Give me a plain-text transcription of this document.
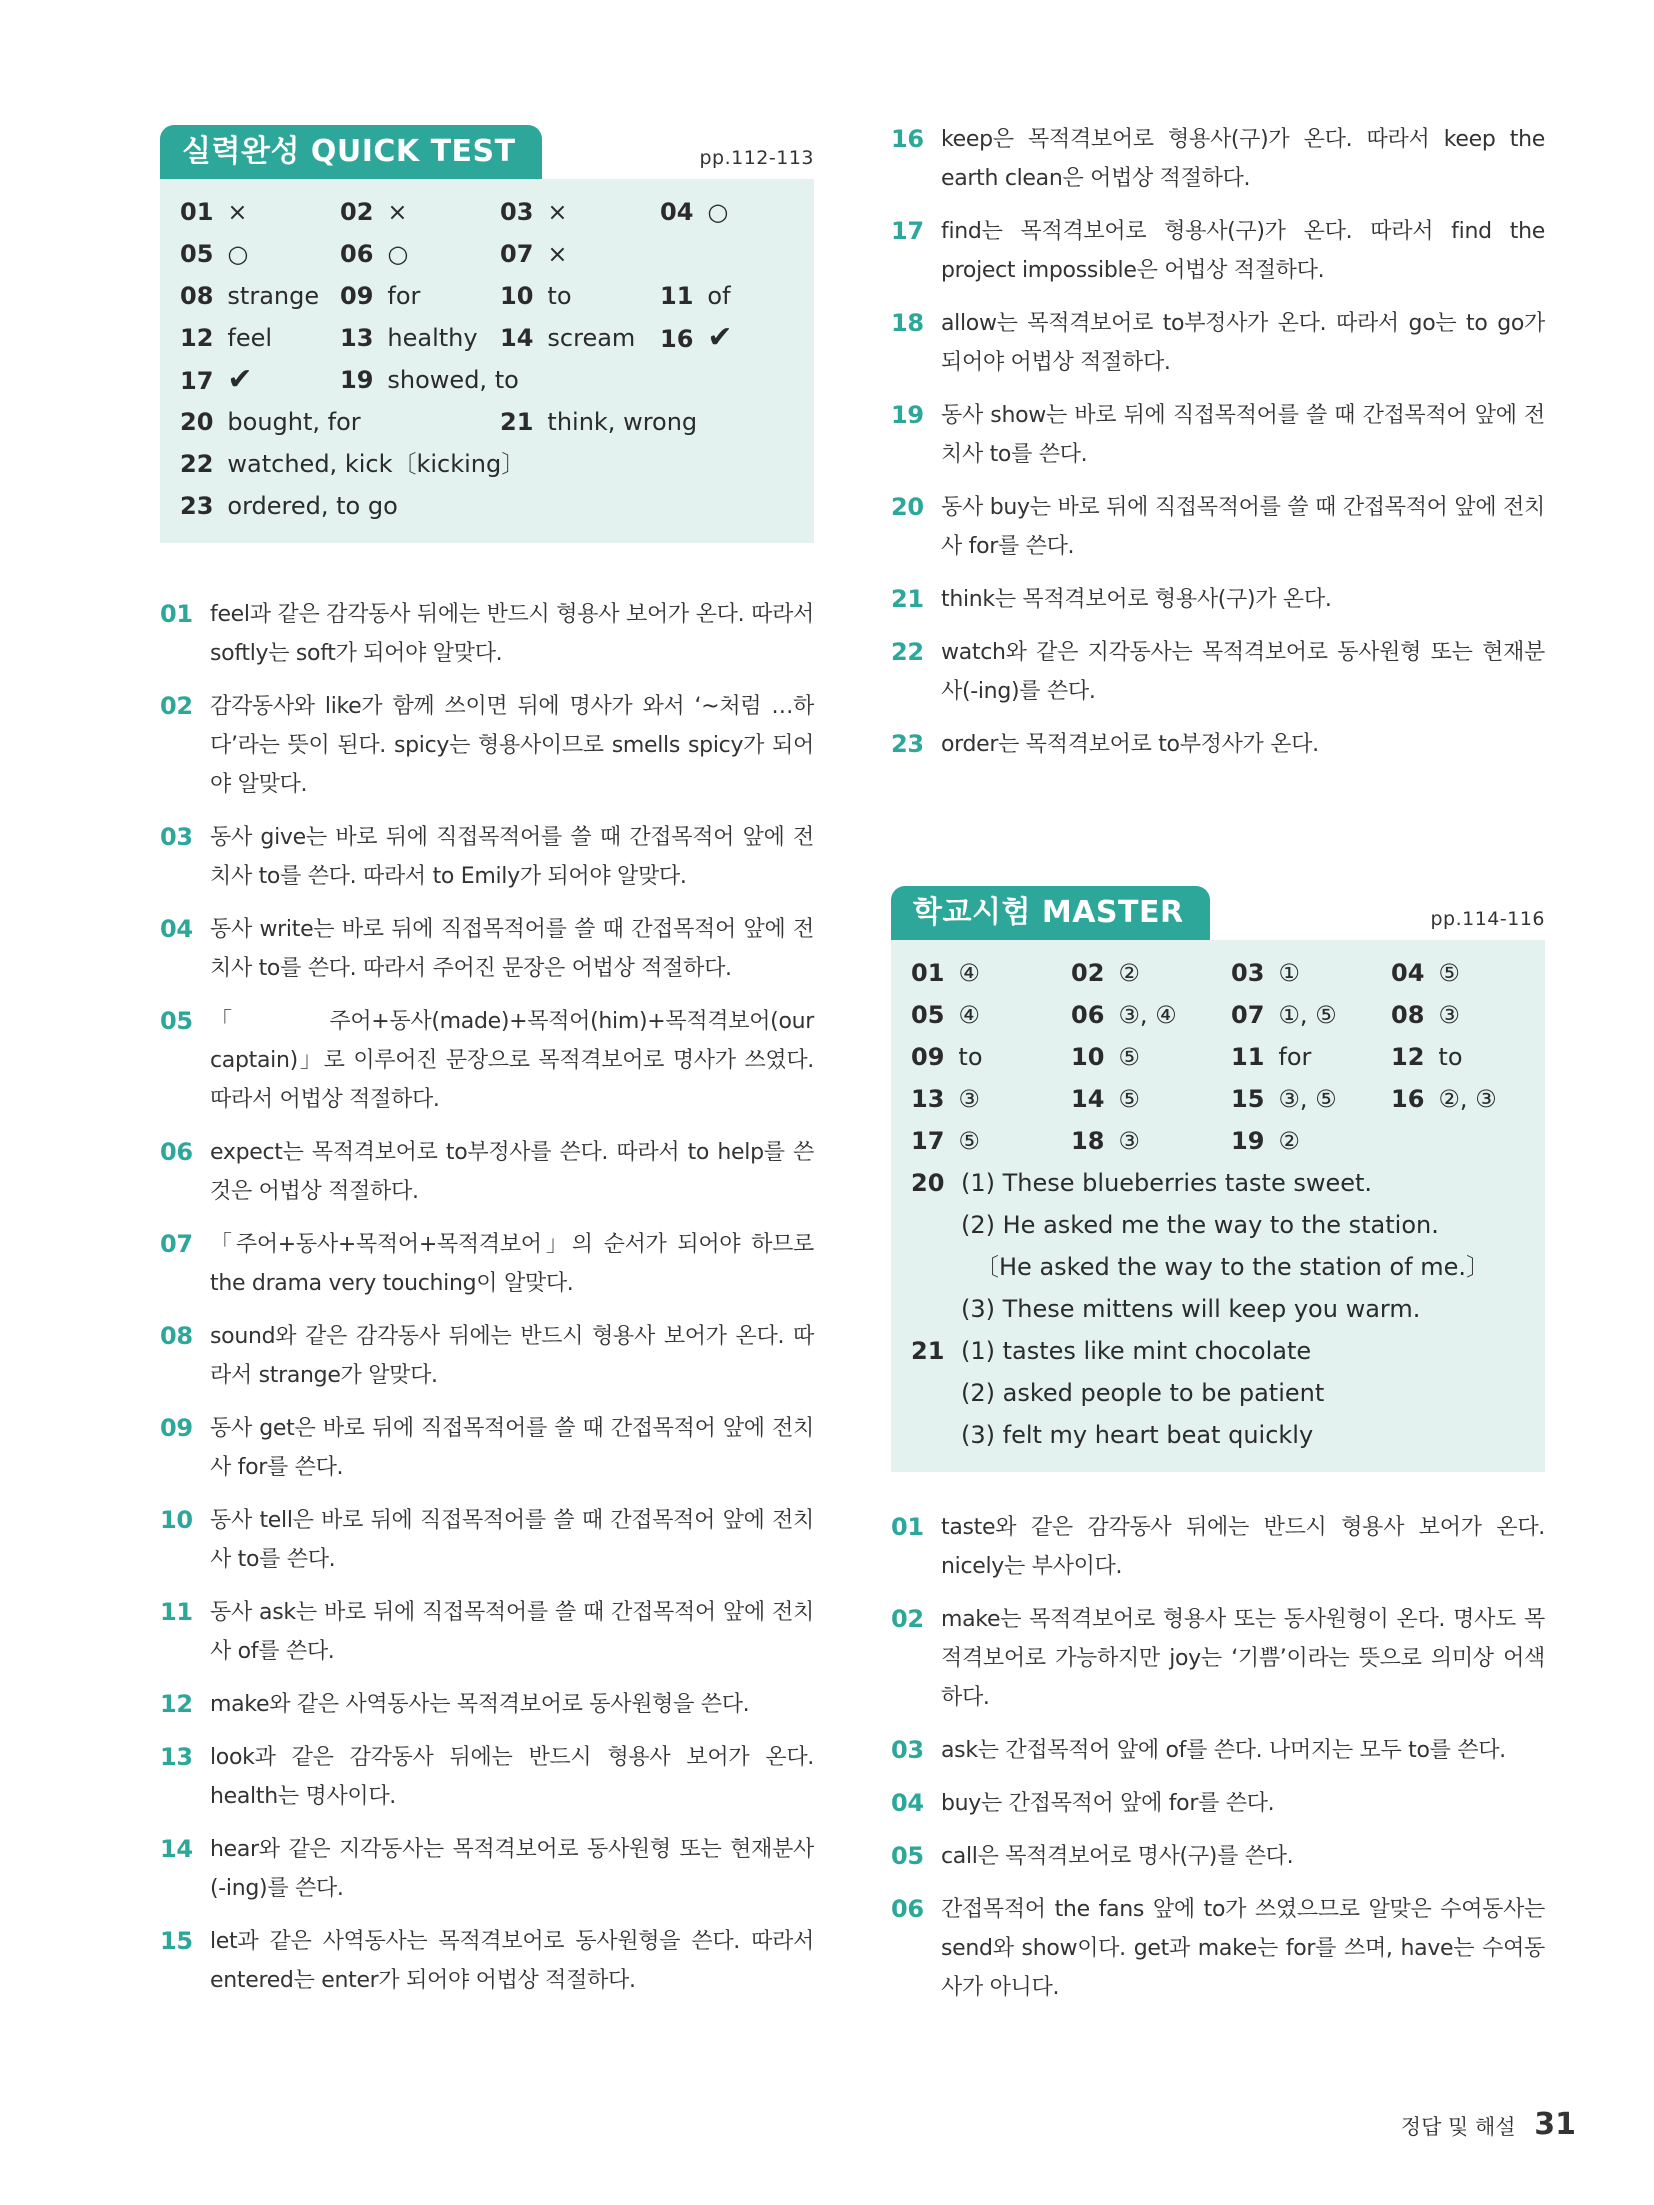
실력완성 QUICK TEST	pp.112-113
01 ×	02 ×	03 ×	04 ○
05 ○	06 ○	07 ×
08 strange 09 for	10 to	11 of
12 feel	13 healthy 14 scream	16 ✔
17 ✔	19 showed, to
20 bought, for	21 think, wrong
22 watched, kick〔kicking〕
23 ordered, to go
01 feel과 같은 감각동사 뒤에는 반드시 형용사 보어가 온다. 따라서 softly는 soft가 되어야 알맞다.
02 감각동사와 like가 함께 쓰이면 뒤에 명사가 와서 ‘~처럼 …하다’라는 뜻이 된다. spicy는 형용사이므로 smells spicy가 되어야 알맞다.
03 동사 give는 바로 뒤에 직접목적어를 쓸 때 간접목적어 앞에 전치사 to를 쓴다. 따라서 to Emily가 되어야 알맞다.
04 동사 write는 바로 뒤에 직접목적어를 쓸 때 간접목적어 앞에 전치사 to를 쓴다. 따라서 주어진 문장은 어법상 적절하다.
05 「주어+동사(made)+목적어(him)+목적격보어(our captain)」로 이루어진 문장으로 목적격보어로 명사가 쓰였다. 따라서 어법상 적절하다.
06 expect는 목적격보어로 to부정사를 쓴다. 따라서 to help를 쓴 것은 어법상 적절하다.
07 「주어+동사+목적어+목적격보어」의 순서가 되어야 하므로 the drama very touching이 알맞다.
08 sound와 같은 감각동사 뒤에는 반드시 형용사 보어가 온다. 따라서 strange가 알맞다.
09 동사 get은 바로 뒤에 직접목적어를 쓸 때 간접목적어 앞에 전치사 for를 쓴다.
10 동사 tell은 바로 뒤에 직접목적어를 쓸 때 간접목적어 앞에 전치사 to를 쓴다.
11 동사 ask는 바로 뒤에 직접목적어를 쓸 때 간접목적어 앞에 전치사 of를 쓴다.
12 make와 같은 사역동사는 목적격보어로 동사원형을 쓴다.
13 look과 같은 감각동사 뒤에는 반드시 형용사 보어가 온다. health는 명사이다.
14 hear와 같은 지각동사는 목적격보어로 동사원형 또는 현재분사(-ing)를 쓴다.
15 let과 같은 사역동사는 목적격보어로 동사원형을 쓴다. 따라서 entered는 enter가 되어야 어법상 적절하다.
16 keep은 목적격보어로 형용사(구)가 온다. 따라서 keep the earth clean은 어법상 적절하다.
17 find는 목적격보어로 형용사(구)가 온다. 따라서 find the project impossible은 어법상 적절하다.
18 allow는 목적격보어로 to부정사가 온다. 따라서 go는 to go가 되어야 어법상 적절하다.
19 동사 show는 바로 뒤에 직접목적어를 쓸 때 간접목적어 앞에 전치사 to를 쓴다.
20 동사 buy는 바로 뒤에 직접목적어를 쓸 때 간접목적어 앞에 전치사 for를 쓴다.
21 think는 목적격보어로 형용사(구)가 온다.
22 watch와 같은 지각동사는 목적격보어로 동사원형 또는 현재분사(-ing)를 쓴다.
23 order는 목적격보어로 to부정사가 온다.
학교시험 MASTER	pp.114-116
01 ④	02 ②	03 ①	04 ⑤
05 ④	06 ③, ④	07 ①, ⑤	08 ③
09 to	10 ⑤	11 for	12 to
13 ③	14 ⑤	15 ③, ⑤	16 ②, ③
17 ⑤	18 ③	19 ②
20 (1) These blueberries taste sweet.
(2) He asked me the way to the station.
〔He asked the way to the station of me.〕
(3) These mittens will keep you warm.
21 (1) tastes like mint chocolate
(2) asked people to be patient
(3) felt my heart beat quickly
01 taste와 같은 감각동사 뒤에는 반드시 형용사 보어가 온다. nicely는 부사이다.
02 make는 목적격보어로 형용사 또는 동사원형이 온다. 명사도 목적격보어로 가능하지만 joy는 ‘기쁨’이라는 뜻으로 의미상 어색하다.
03 ask는 간접목적어 앞에 of를 쓴다. 나머지는 모두 to를 쓴다.
04 buy는 간접목적어 앞에 for를 쓴다.
05 call은 목적격보어로 명사(구)를 쓴다.
06 간접목적어 the fans 앞에 to가 쓰였으므로 알맞은 수여동사는 send와 show이다. get과 make는 for를 쓰며, have는 수여동사가 아니다.
정답 및 해설 31
